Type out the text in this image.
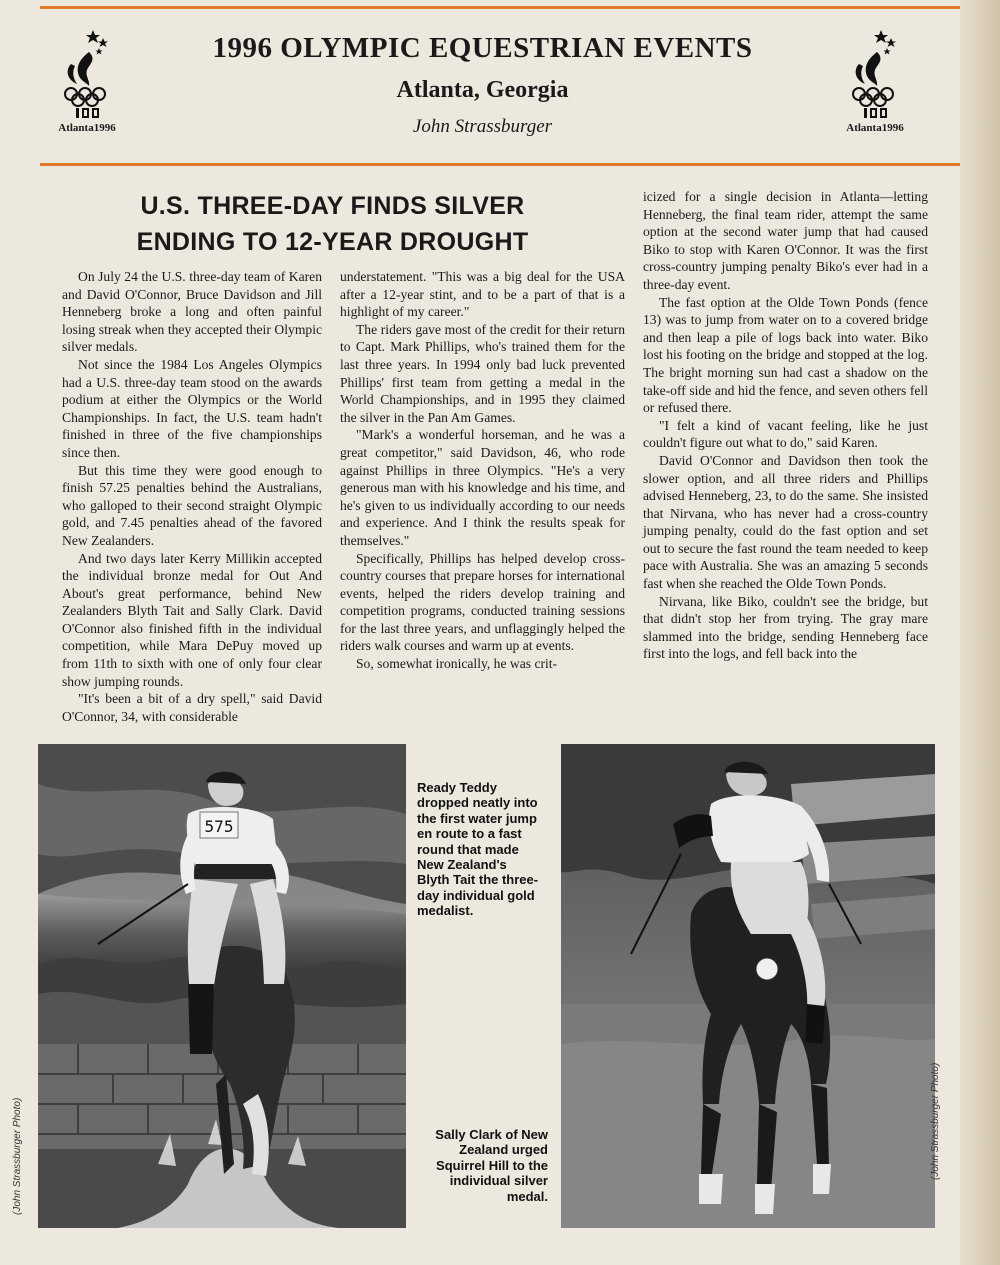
Atlanta1996	Atlanta1996
1996 OLYMPIC EQUESTRIAN EVENTS
Atlanta, Georgia
John Strassburger
U.S. THREE-DAY FINDS SILVER
ENDING TO 12-YEAR DROUGHT

On July 24 the U.S. three-day team of Karen and David O'Connor, Bruce Davidson and Jill Henneberg broke a long and often painful losing streak when they accepted their Olympic silver medals.

Not since the 1984 Los Angeles Olympics had a U.S. three-day team stood on the awards podium at either the Olympics or the World Championships. In fact, the U.S. team hadn't finished in three of the five championships since then.

But this time they were good enough to finish 57.25 penalties behind the Australians, who galloped to their second straight Olympic gold, and 7.45 penalties ahead of the favored New Zealanders.

And two days later Kerry Millikin accepted the individual bronze medal for Out And About's great performance, behind New Zealanders Blyth Tait and Sally Clark. David O'Connor also finished fifth in the individual competition, while Mara DePuy moved up from 11th to sixth with one of only four clear show jumping rounds.

"It's been a bit of a dry spell," said David O'Connor, 34, with considerable

understatement. "This was a big deal for the USA after a 12-year stint, and to be a part of that is a highlight of my career."

The riders gave most of the credit for their return to Capt. Mark Phillips, who's trained them for the last three years. In 1994 only bad luck prevented Phillips' first team from getting a medal in the World Championships, and in 1995 they claimed the silver in the Pan Am Games.

"Mark's a wonderful horseman, and he was a great competitor," said Davidson, 46, who rode against Phillips in three Olympics. "He's a very generous man with his knowledge and his time, and he's given to us individually according to our needs and experience. And I think the results speak for themselves."

Specifically, Phillips has helped develop cross-country courses that prepare horses for international events, helped the riders develop training and competition programs, conducted training sessions for the last three years, and unflaggingly helped the riders walk courses and warm up at events.

So, somewhat ironically, he was crit-

icized for a single decision in Atlanta—letting Henneberg, the final team rider, attempt the same option at the second water jump that had caused Biko to stop with Karen O'Connor. It was the first cross-country jumping penalty Biko's ever had in a three-day event.

The fast option at the Olde Town Ponds (fence 13) was to jump from water on to a covered bridge and then leap a pile of logs back into water. Biko lost his footing on the bridge and stopped at the log. The bright morning sun had cast a shadow on the take-off side and hid the fence, and seven others fell or refused there.

"I felt a kind of vacant feeling, like he just couldn't figure out what to do," said Karen.

David O'Connor and Davidson then took the slower option, and all three riders and Phillips advised Henneberg, 23, to do the same. She insisted that Nirvana, who has never had a cross-country jumping penalty, could do the fast option and set out to secure the fast round the team needed to keep pace with Australia. She was an amazing 5 seconds fast when she reached the Olde Town Ponds.

Nirvana, like Biko, couldn't see the bridge, but that didn't stop her from trying. The gray mare slammed into the bridge, sending Henneberg face first into the logs, and fell back into the

575
Ready Teddy dropped neatly into the first water jump en route to a fast round that made New Zealand's Blyth Tait the three-day individual gold medalist.
Sally Clark of New Zealand urged Squirrel Hill to the individual silver medal.
(John Strassburger Photo)	(John Strassburger Photo)
